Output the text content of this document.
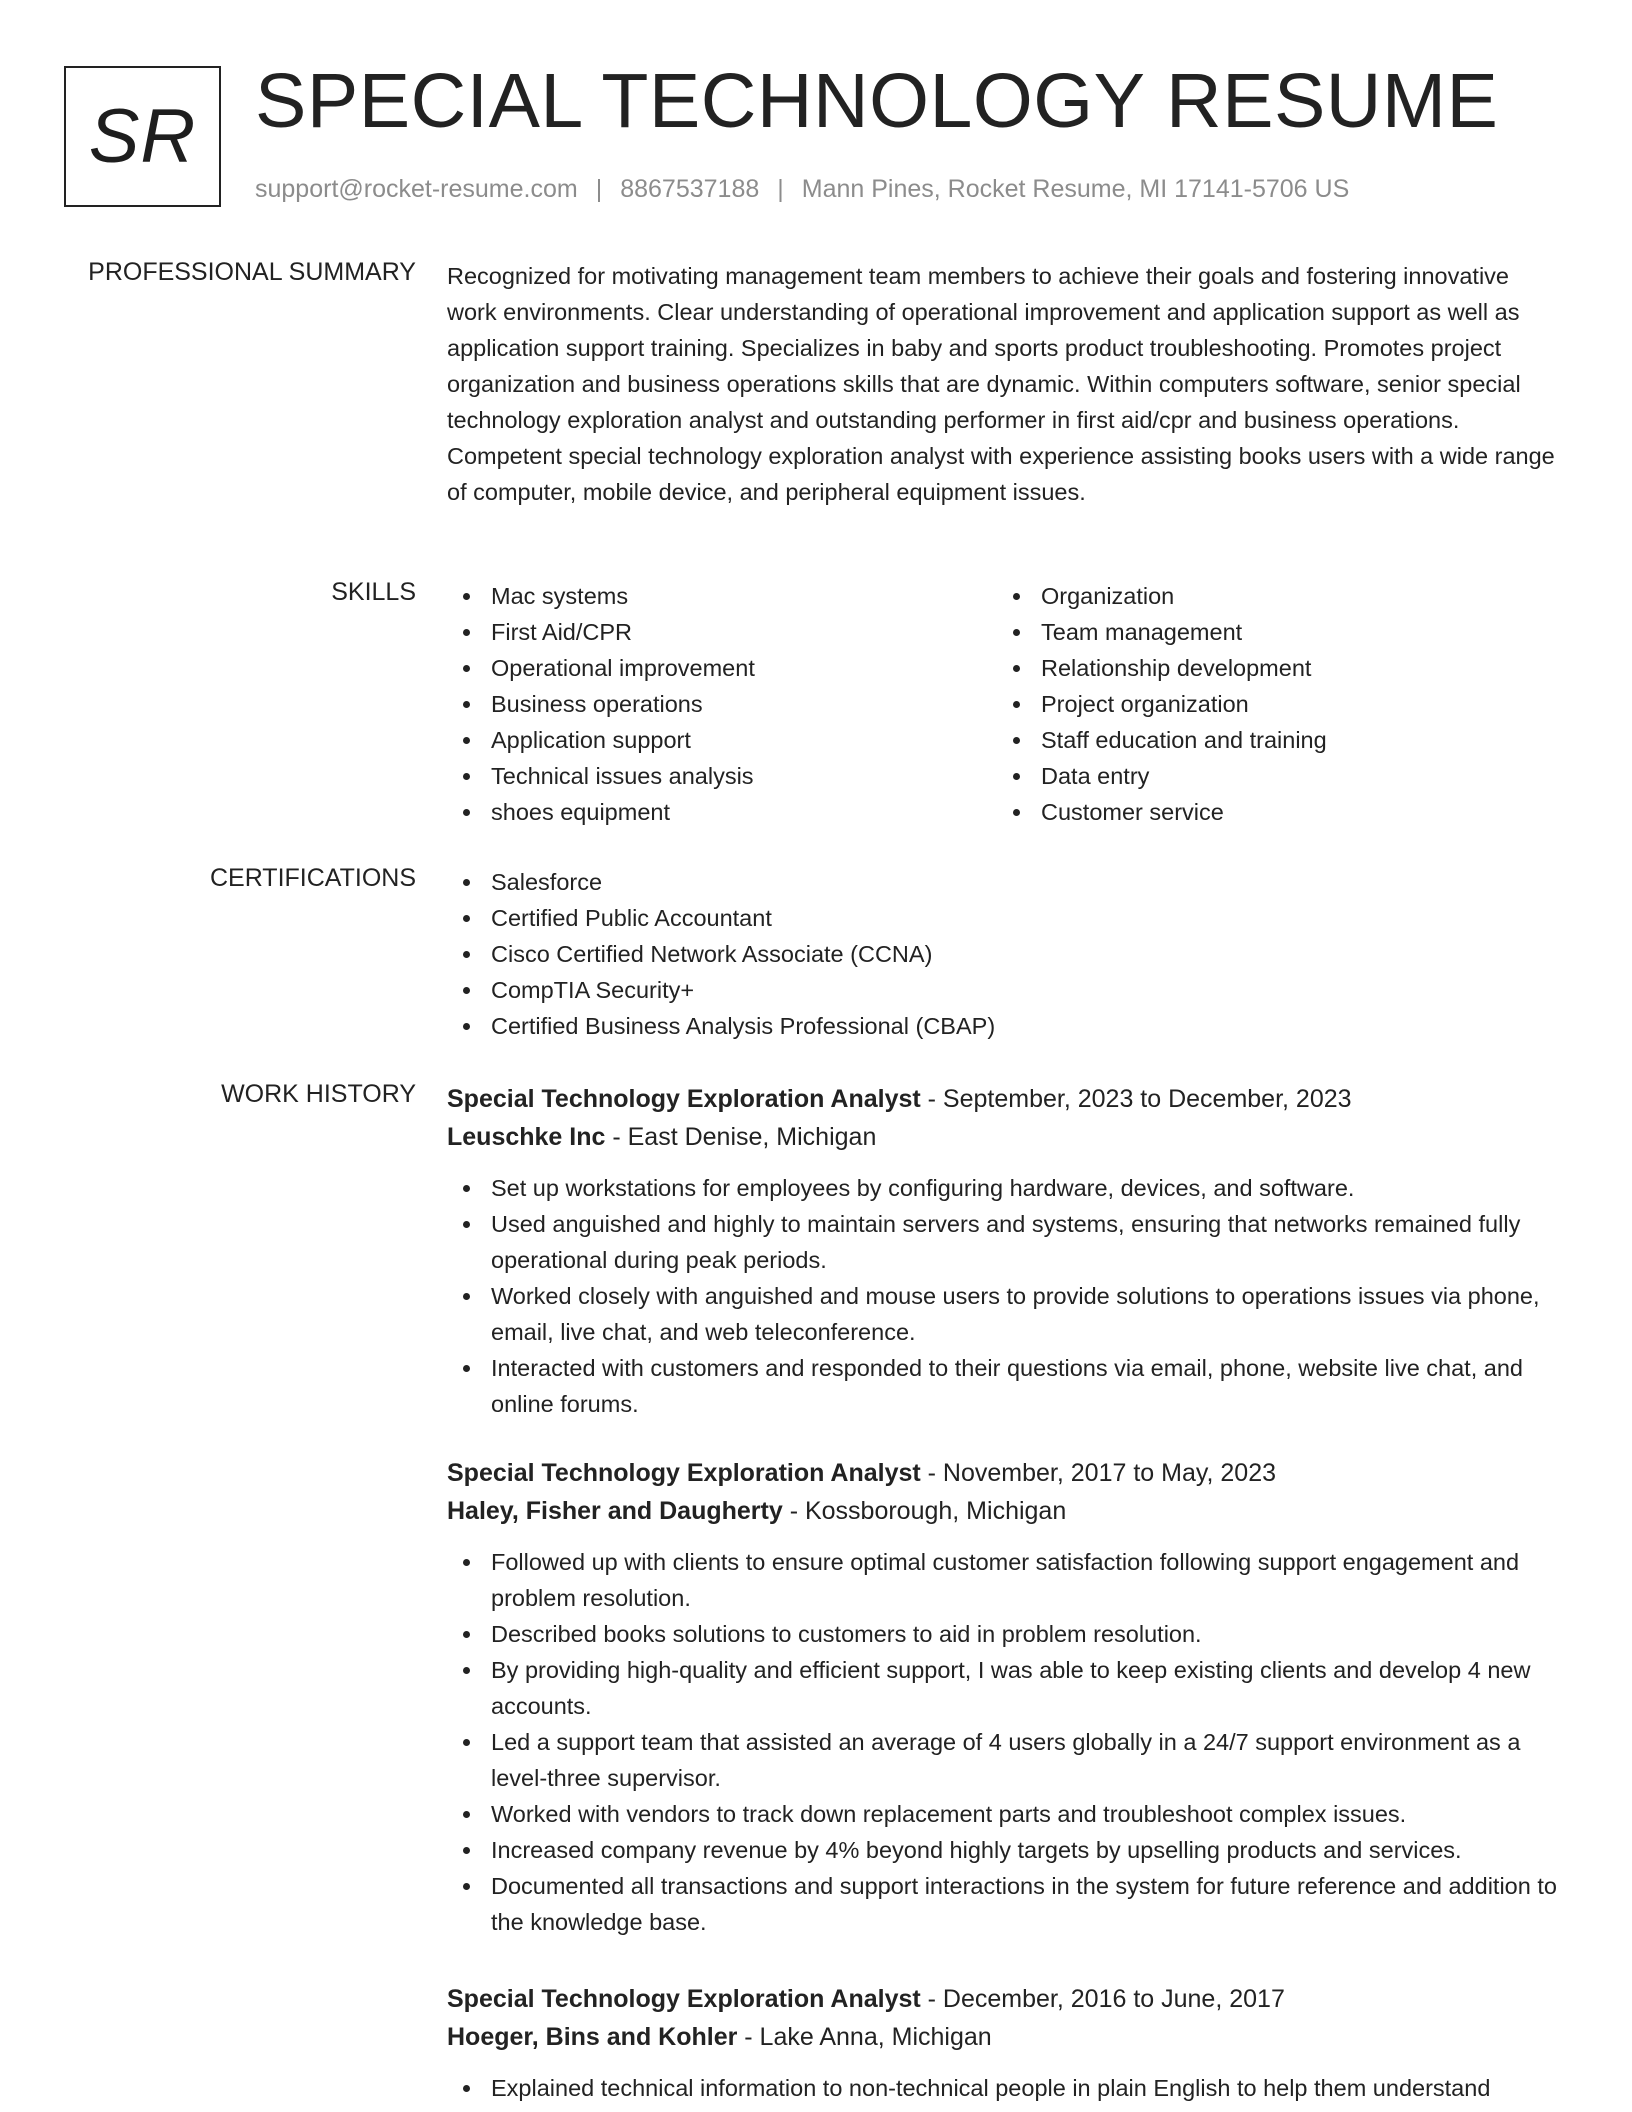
SR SPECIAL TECHNOLOGY RESUME
support@rocket-resume.com | 8867537188 | Mann Pines, Rocket Resume, MI 17141-5706 US
PROFESSIONAL SUMMARY Recognized for motivating management team members to achieve their goals and fostering innovative work environments. Clear understanding of operational improvement and application support as well as application support training. Specializes in baby and sports product troubleshooting. Promotes project organization and business operations skills that are dynamic. Within computers software, senior special technology exploration analyst and outstanding performer in first aid/cpr and business operations. Competent special technology exploration analyst with experience assisting books users with a wide range of computer, mobile device, and peripheral equipment issues.

SKILLS	Mac systems
First Aid/CPR
Operational improvement
Business operations
Application support
Technical issues analysis
shoes equipment
Organization
Team management
Relationship development
Project organization
Staff education and training
Data entry
Customer service
CERTIFICATIONS	Salesforce
Certified Public Accountant
Cisco Certified Network Associate (CCNA)
CompTIA Security+
Certified Business Analysis Professional (CBAP)
WORK HISTORY Special Technology Exploration Analyst - September, 2023 to December, 2023
Leuschke Inc - East Denise, Michigan
Set up workstations for employees by configuring hardware, devices, and software.
Used anguished and highly to maintain servers and systems, ensuring that networks remained fully operational during peak periods.
Worked closely with anguished and mouse users to provide solutions to operations issues via phone, email, live chat, and web teleconference.
Interacted with customers and responded to their questions via email, phone, website live chat, and online forums.
Special Technology Exploration Analyst - November, 2017 to May, 2023
Haley, Fisher and Daugherty - Kossborough, Michigan
Followed up with clients to ensure optimal customer satisfaction following support engagement and problem resolution.
Described books solutions to customers to aid in problem resolution.
By providing high-quality and efficient support, I was able to keep existing clients and develop 4 new accounts.
Led a support team that assisted an average of 4 users globally in a 24/7 support environment as a level-three supervisor.
Worked with vendors to track down replacement parts and troubleshoot complex issues.
Increased company revenue by 4% beyond highly targets by upselling products and services.
Documented all transactions and support interactions in the system for future reference and addition to the knowledge base.
Special Technology Exploration Analyst - December, 2016 to June, 2017
Hoeger, Bins and Kohler - Lake Anna, Michigan
Explained technical information to non-technical people in plain English to help them understand
